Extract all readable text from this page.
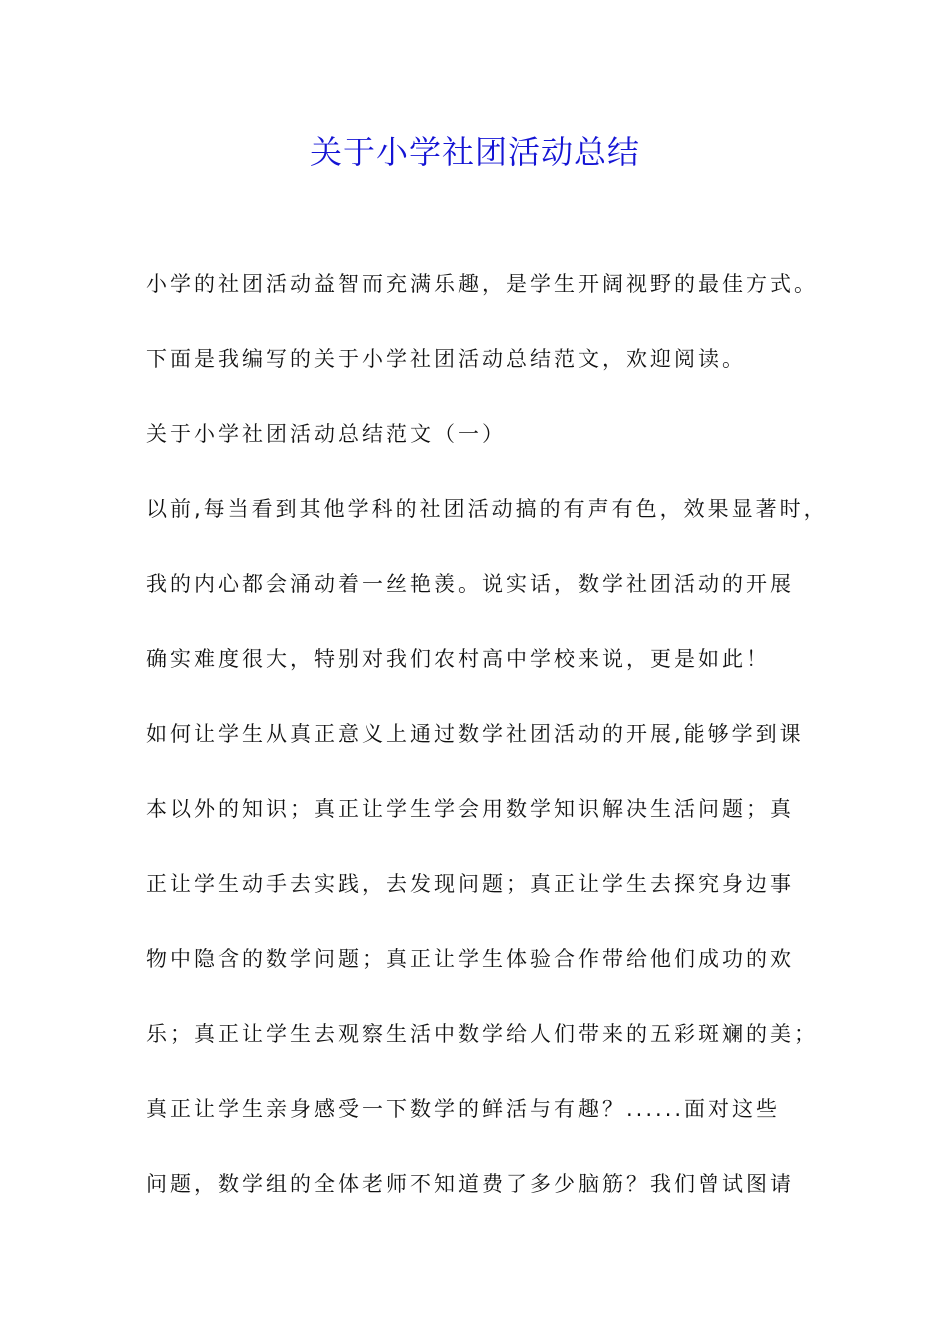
关于小学社团活动总结
小学的社团活动益智而充满乐趣，是学生开阔视野的最佳方式。
下面是我编写的关于小学社团活动总结范文，欢迎阅读。
关于小学社团活动总结范文（一）
以前,每当看到其他学科的社团活动搞的有声有色，效果显著时，
我的内心都会涌动着一丝艳羡。说实话，数学社团活动的开展
确实难度很大，特别对我们农村高中学校来说，更是如此！
如何让学生从真正意义上通过数学社团活动的开展,能够学到课
本以外的知识；真正让学生学会用数学知识解决生活问题；真
正让学生动手去实践，去发现问题；真正让学生去探究身边事
物中隐含的数学问题；真正让学生体验合作带给他们成功的欢
乐；真正让学生去观察生活中数学给人们带来的五彩斑斓的美；
真正让学生亲身感受一下数学的鲜活与有趣？......面对这些
问题，数学组的全体老师不知道费了多少脑筋？我们曾试图请
